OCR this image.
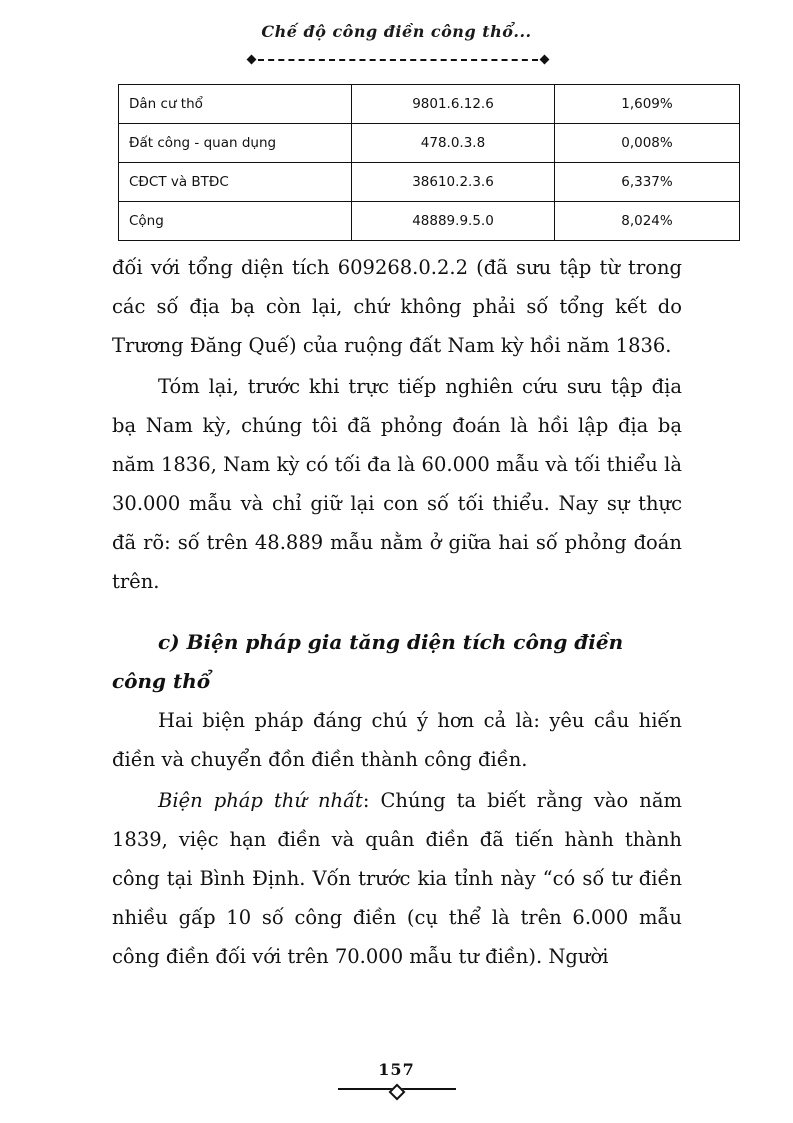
Chế độ công điền công thổ...
Dân cư thổ	9801.6.12.6	1,609%
Đất công - quan dụng	478.0.3.8	0,008%
CĐCT và BTĐC	38610.2.3.6	6,337%
Cộng	48889.9.5.0	8,024%

đối với tổng diện tích 609268.0.2.2 (đã sưu tập từ trong các số địa bạ còn lại, chứ không phải số tổng kết do Trương Đăng Quế) của ruộng đất Nam kỳ hồi năm 1836.

Tóm lại, trước khi trực tiếp nghiên cứu sưu tập địa bạ Nam kỳ, chúng tôi đã phỏng đoán là hồi lập địa bạ năm 1836, Nam kỳ có tối đa là 60.000 mẫu và tối thiểu là 30.000 mẫu và chỉ giữ lại con số tối thiểu. Nay sự thực đã rõ: số trên 48.889 mẫu nằm ở giữa hai số phỏng đoán trên.

c) Biện pháp gia tăng diện tích công điền
công thổ

Hai biện pháp đáng chú ý hơn cả là: yêu cầu hiến điền và chuyển đồn điền thành công điền.

Biện pháp thứ nhất: Chúng ta biết rằng vào năm 1839, việc hạn điền và quân điền đã tiến hành thành công tại Bình Định. Vốn trước kia tỉnh này “có số tư điền nhiều gấp 10 số công điền (cụ thể là trên 6.000 mẫu công điền đối với trên 70.000 mẫu tư điền). Người

157
